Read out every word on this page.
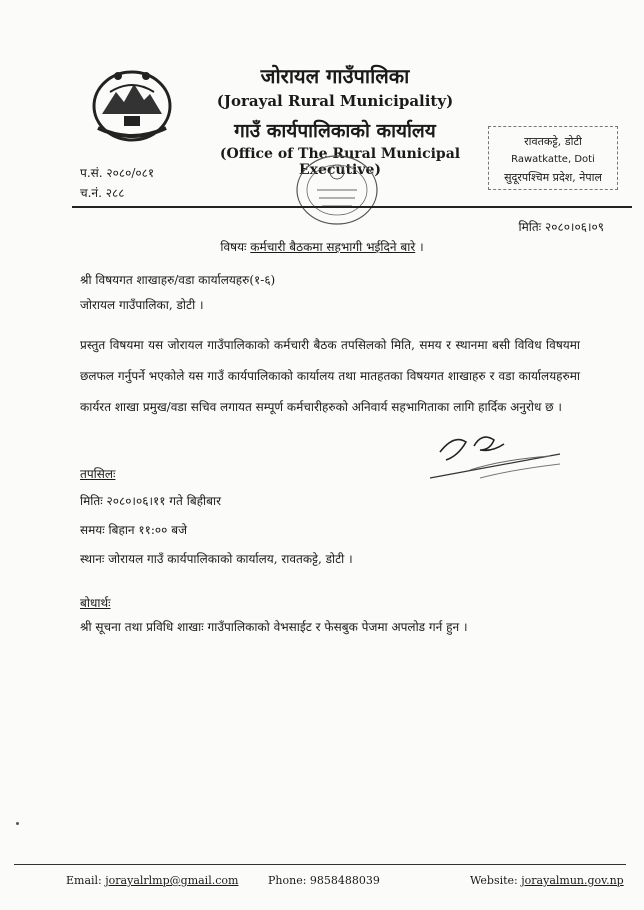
जोरायल गाउँपालिका
(Jorayal Rural Municipality)
गाउँ कार्यपालिकाको कार्यालय
(Office of The Rural Municipal Executive)
प.सं. २०८०/०८१
च.नं. २८८
रावतकट्टे, डोटी
Rawatkatte, Doti
सुदूरपश्चिम प्रदेश, नेपाल
मितिः २०८०।०६।०९
विषयः कर्मचारी बैठकमा सहभागी भईदिने बारे ।
श्री विषयगत शाखाहरु/वडा कार्यालयहरु(१-६)
जोरायल गाउँपालिका, डोटी ।
प्रस्तुत विषयमा यस जोरायल गाउँपालिकाको कर्मचारी बैठक तपसिलको मिति, समय र स्थानमा बसी विविध विषयमा छलफल गर्नुपर्ने भएकोले यस गाउँ कार्यपालिकाको कार्यालय तथा मातहतका विषयगत शाखाहरु र वडा कार्यालयहरुमा कार्यरत शाखा प्रमुख/वडा सचिव लगायत सम्पूर्ण कर्मचारीहरुको अनिवार्य सहभागिताका लागि हार्दिक अनुरोध छ ।
तपसिलः
मितिः २०८०।०६।११ गते बिहीबार
समयः बिहान ११:०० बजे
स्थानः जोरायल गाउँ कार्यपालिकाको कार्यालय, रावतकट्टे, डोटी ।
बोधार्थः
श्री सूचना तथा प्रविधि शाखाः गाउँपालिकाको वेभसाईट र फेसबुक पेजमा अपलोड गर्न हुन ।
Email: jorayalrlmp@gmail.com	Phone: 9858488039	Website: jorayalmun.gov.np
